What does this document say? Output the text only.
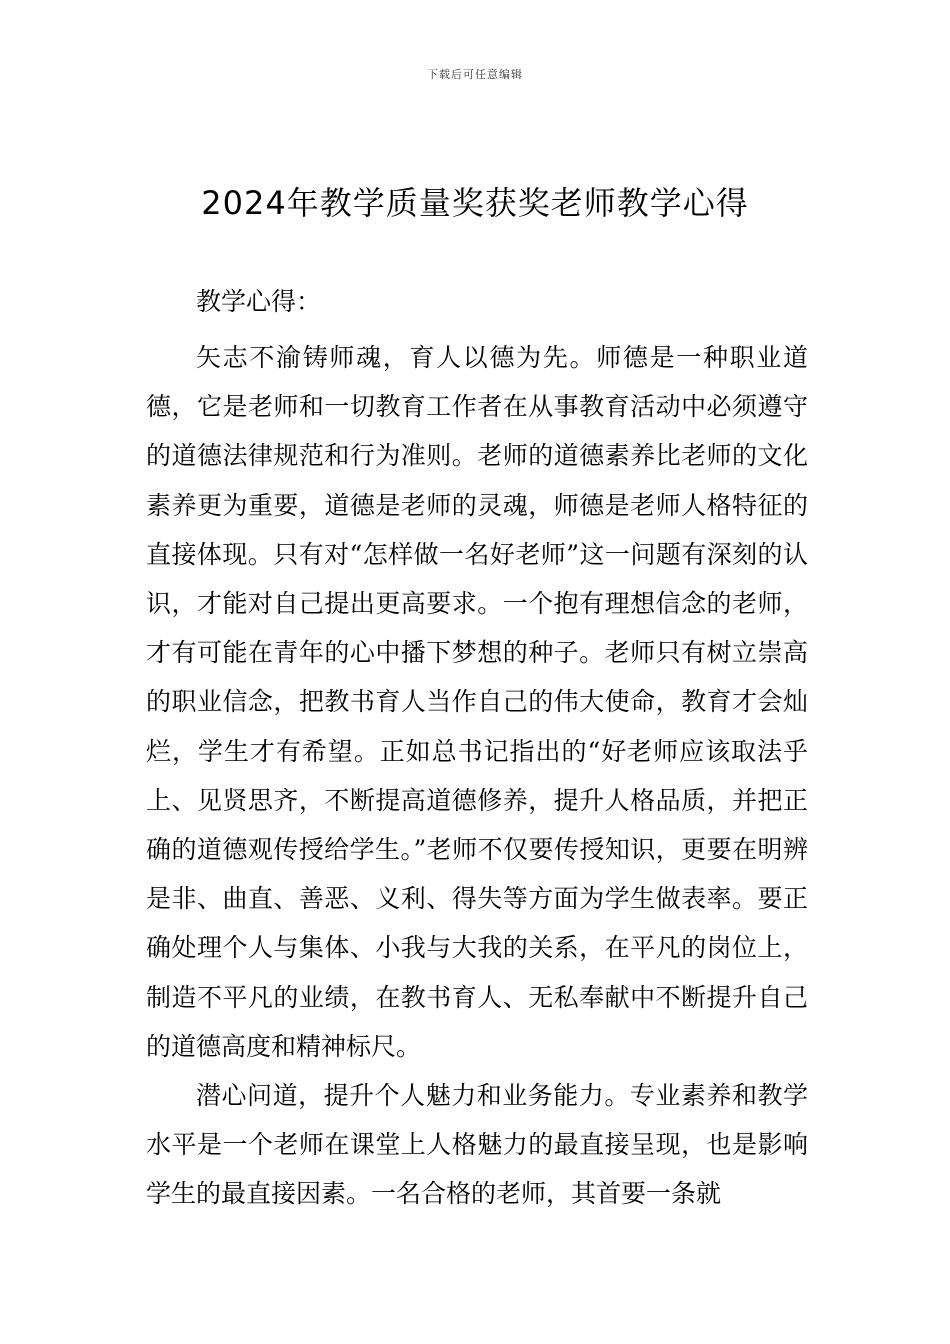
下载后可任意编辑
2024年教学质量奖获奖老师教学心得

教学心得：

矢志不渝铸师魂，育人以德为先。师德是一种职业道德，它是老师和一切教育工作者在从事教育活动中必须遵守的道德法律规范和行为准则。老师的道德素养比老师的文化素养更为重要，道德是老师的灵魂，师德是老师人格特征的直接体现。只有对“怎样做一名好老师”这一问题有深刻的认识，才能对自己提出更高要求。一个抱有理想信念的老师，才有可能在青年的心中播下梦想的种子。老师只有树立崇高的职业信念，把教书育人当作自己的伟大使命，教育才会灿烂，学生才有希望。正如总书记指出的“好老师应该取法乎上、见贤思齐，不断提高道德修养，提升人格品质，并把正确的道德观传授给学生。”老师不仅要传授知识，更要在明辨是非、曲直、善恶、义利、得失等方面为学生做表率。要正确处理个人与集体、小我与大我的关系，在平凡的岗位上，制造不平凡的业绩，在教书育人、无私奉献中不断提升自己的道德高度和精神标尺。

潜心问道，提升个人魅力和业务能力。专业素养和教学水平是一个老师在课堂上人格魅力的最直接呈现，也是影响学生的最直接因素。一名合格的老师，其首要一条就
